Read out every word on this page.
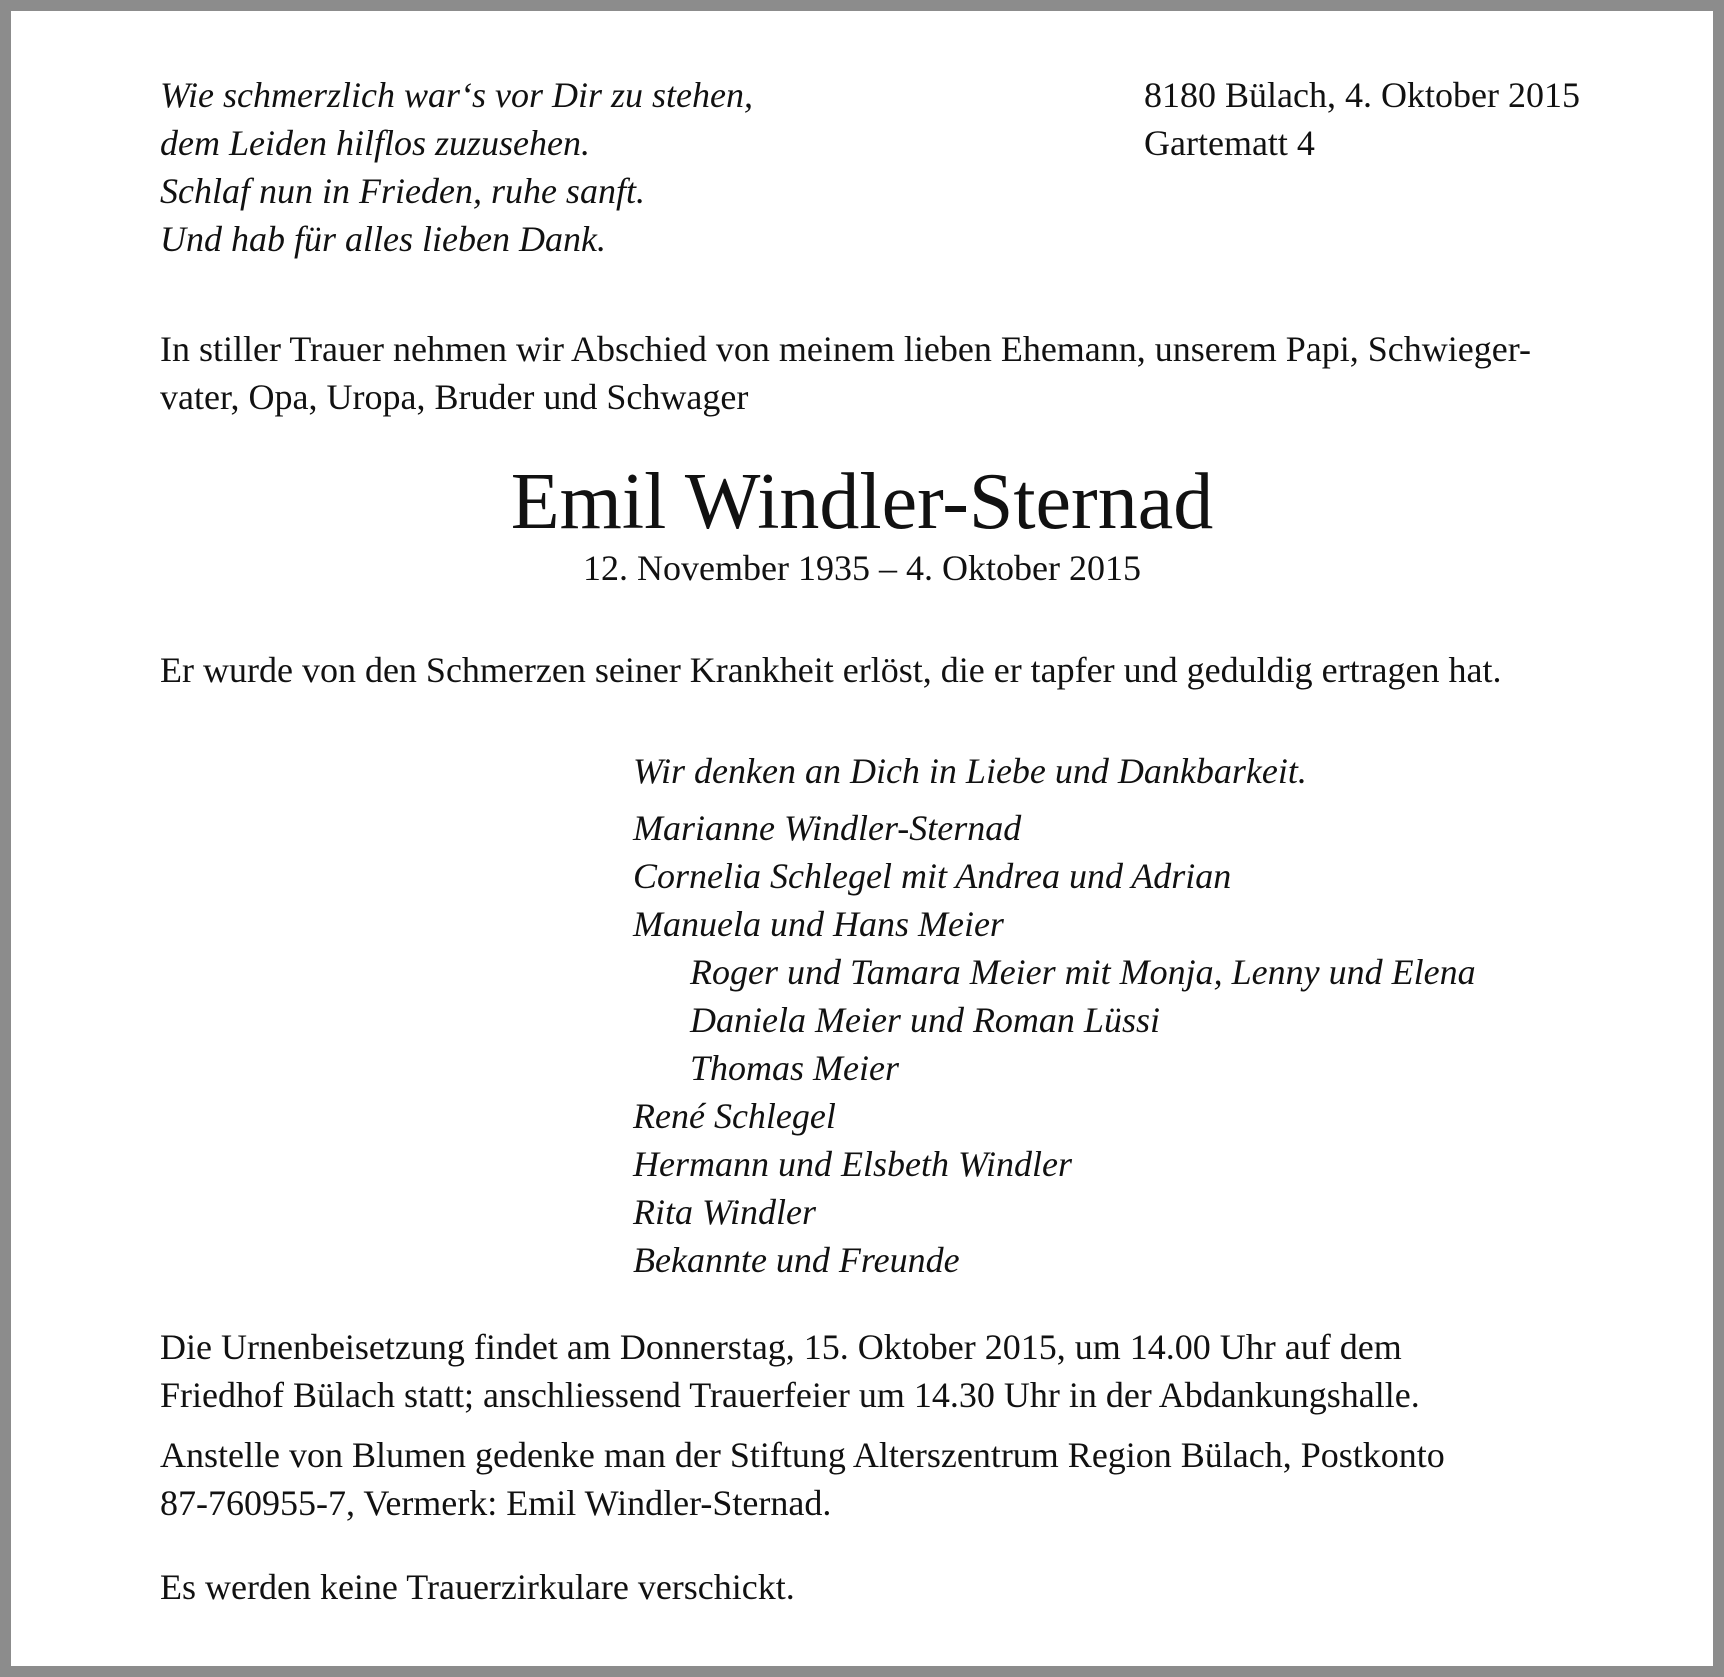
Wie schmerzlich war‘s vor Dir zu stehen,
dem Leiden hilflos zuzusehen.
Schlaf nun in Frieden, ruhe sanft.
Und hab für alles lieben Dank.
8180 Bülach, 4. Oktober 2015
Gartematt 4
In stiller Trauer nehmen wir Abschied von meinem lieben Ehemann, unserem Papi, Schwieger-
vater, Opa, Uropa, Bruder und Schwager
Emil Windler-Sternad
12. November 1935 – 4. Oktober 2015
Er wurde von den Schmerzen seiner Krankheit erlöst, die er tapfer und geduldig ertragen hat.
Wir denken an Dich in Liebe und Dankbarkeit.
Marianne Windler-Sternad
Cornelia Schlegel mit Andrea und Adrian
Manuela und Hans Meier
Roger und Tamara Meier mit Monja, Lenny und Elena
Daniela Meier und Roman Lüssi
Thomas Meier
René Schlegel
Hermann und Elsbeth Windler
Rita Windler
Bekannte und Freunde
Die Urnenbeisetzung findet am Donnerstag, 15. Oktober 2015, um 14.00 Uhr auf dem
Friedhof Bülach statt; anschliessend Trauerfeier um 14.30 Uhr in der Abdankungshalle.
Anstelle von Blumen gedenke man der Stiftung Alterszentrum Region Bülach, Postkonto
87-760955-7, Vermerk: Emil Windler-Sternad.
Es werden keine Trauerzirkulare verschickt.
